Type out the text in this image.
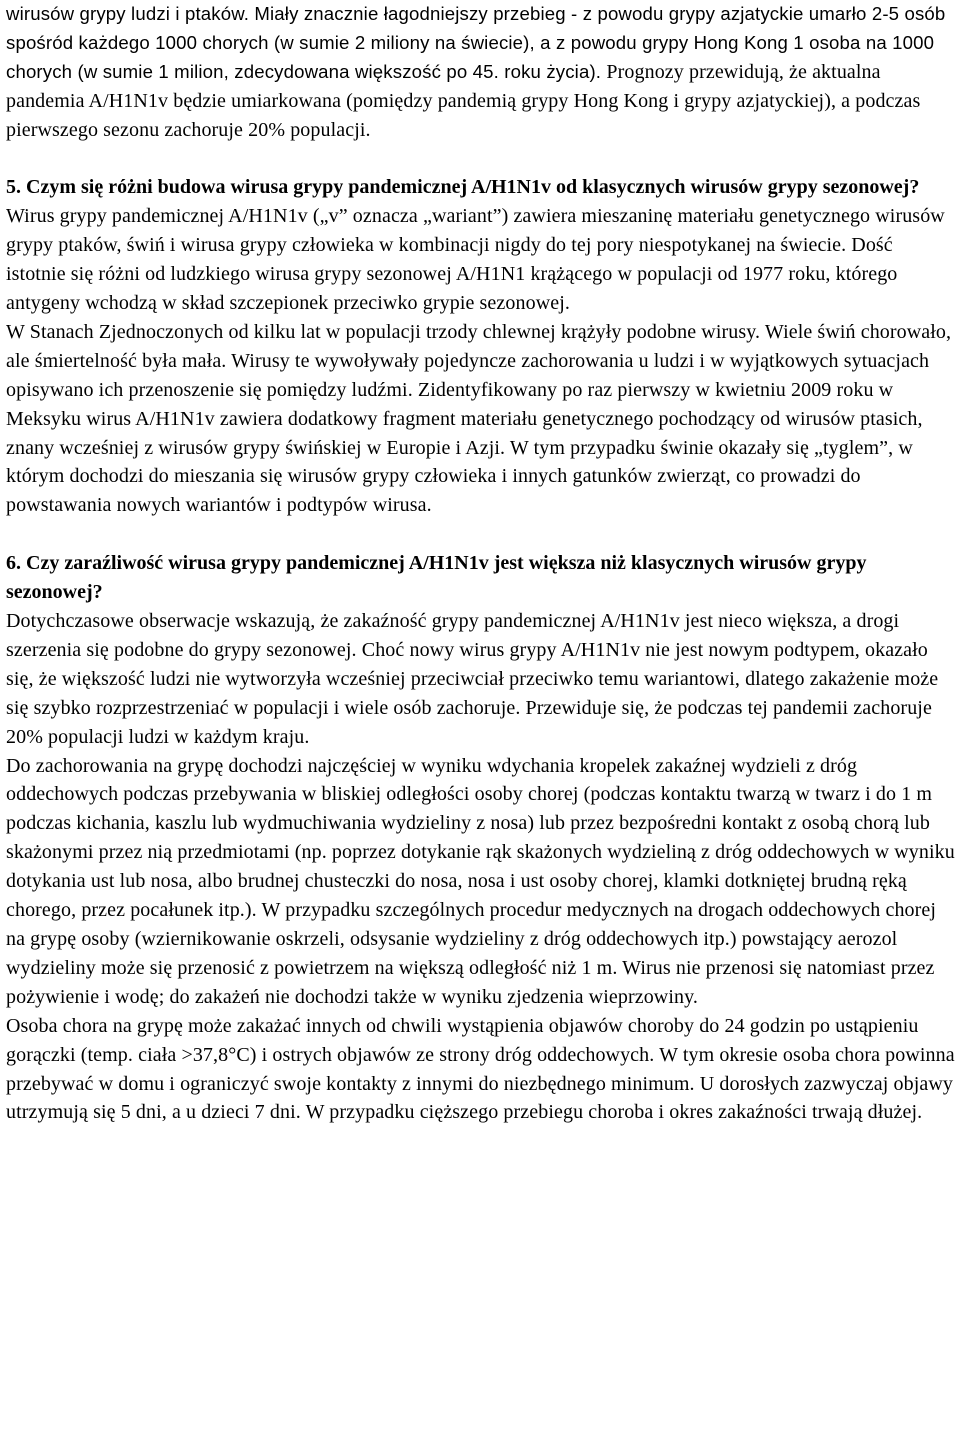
wirusów grypy ludzi i ptaków. Miały znacznie łagodniejszy przebieg - z powodu grypy azjatyckie umarło 2-5 osób spośród każdego 1000 chorych (w sumie 2 miliony na świecie), a z powodu grypy Hong Kong 1 osoba na 1000 chorych (w sumie 1 milion, zdecydowana większość po 45. roku życia). Prognozy przewidują, że aktualna pandemia A/H1N1v będzie umiarkowana (pomiędzy pandemią grypy Hong Kong i grypy azjatyckiej), a podczas pierwszego sezonu zachoruje 20% populacji.

5. Czym się różni budowa wirusa grypy pandemicznej A/H1N1v od klasycznych wirusów grypy sezonowej?

Wirus grypy pandemicznej A/H1N1v („v” oznacza „wariant”) zawiera mieszaninę materiału genetycznego wirusów grypy ptaków, świń i wirusa grypy człowieka w kombinacji nigdy do tej pory niespotykanej na świecie. Dość istotnie się różni od ludzkiego wirusa grypy sezonowej A/H1N1 krążącego w populacji od 1977 roku, którego antygeny wchodzą w skład szczepionek przeciwko grypie sezonowej.

W Stanach Zjednoczonych od kilku lat w populacji trzody chlewnej krążyły podobne wirusy. Wiele świń chorowało, ale śmiertelność była mała. Wirusy te wywoływały pojedyncze zachorowania u ludzi i w wyjątkowych sytuacjach opisywano ich przenoszenie się pomiędzy ludźmi. Zidentyfikowany po raz pierwszy w kwietniu 2009 roku w Meksyku wirus A/H1N1v zawiera dodatkowy fragment materiału genetycznego pochodzący od wirusów ptasich, znany wcześniej z wirusów grypy świńskiej w Europie i Azji. W tym przypadku świnie okazały się „tyglem”, w którym dochodzi do mieszania się wirusów grypy człowieka i innych gatunków zwierząt, co prowadzi do powstawania nowych wariantów i podtypów wirusa.

6. Czy zaraźliwość wirusa grypy pandemicznej A/H1N1v jest większa niż klasycznych wirusów grypy sezonowej?

Dotychczasowe obserwacje wskazują, że zakaźność grypy pandemicznej A/H1N1v jest nieco większa, a drogi szerzenia się podobne do grypy sezonowej. Choć nowy wirus grypy A/H1N1v nie jest nowym podtypem, okazało się, że większość ludzi nie wytworzyła wcześniej przeciwciał przeciwko temu wariantowi, dlatego zakażenie może się szybko rozprzestrzeniać w populacji i wiele osób zachoruje. Przewiduje się, że podczas tej pandemii zachoruje 20% populacji ludzi w każdym kraju.

Do zachorowania na grypę dochodzi najczęściej w wyniku wdychania kropelek zakaźnej wydzieli z dróg oddechowych podczas przebywania w bliskiej odległości osoby chorej (podczas kontaktu twarzą w twarz i do 1 m podczas kichania, kaszlu lub wydmuchiwania wydzieliny z nosa) lub przez bezpośredni kontakt z osobą chorą lub skażonymi przez nią przedmiotami (np. poprzez dotykanie rąk skażonych wydzieliną z dróg oddechowych w wyniku dotykania ust lub nosa, albo brudnej chusteczki do nosa, nosa i ust osoby chorej, klamki dotkniętej brudną ręką chorego, przez pocałunek itp.). W przypadku szczególnych procedur medycznych na drogach oddechowych chorej na grypę osoby (wziernikowanie oskrzeli, odsysanie wydzieliny z dróg oddechowych itp.) powstający aerozol wydzieliny może się przenosić z powietrzem na większą odległość niż 1 m. Wirus nie przenosi się natomiast przez pożywienie i wodę; do zakażeń nie dochodzi także w wyniku zjedzenia wieprzowiny.

Osoba chora na grypę może zakażać innych od chwili wystąpienia objawów choroby do 24 godzin po ustąpieniu gorączki (temp. ciała >37,8°C) i ostrych objawów ze strony dróg oddechowych. W tym okresie osoba chora powinna przebywać w domu i ograniczyć swoje kontakty z innymi do niezbędnego minimum. U dorosłych zazwyczaj objawy utrzymują się 5 dni, a u dzieci 7 dni. W przypadku cięższego przebiegu choroba i okres zakaźności trwają dłużej.
